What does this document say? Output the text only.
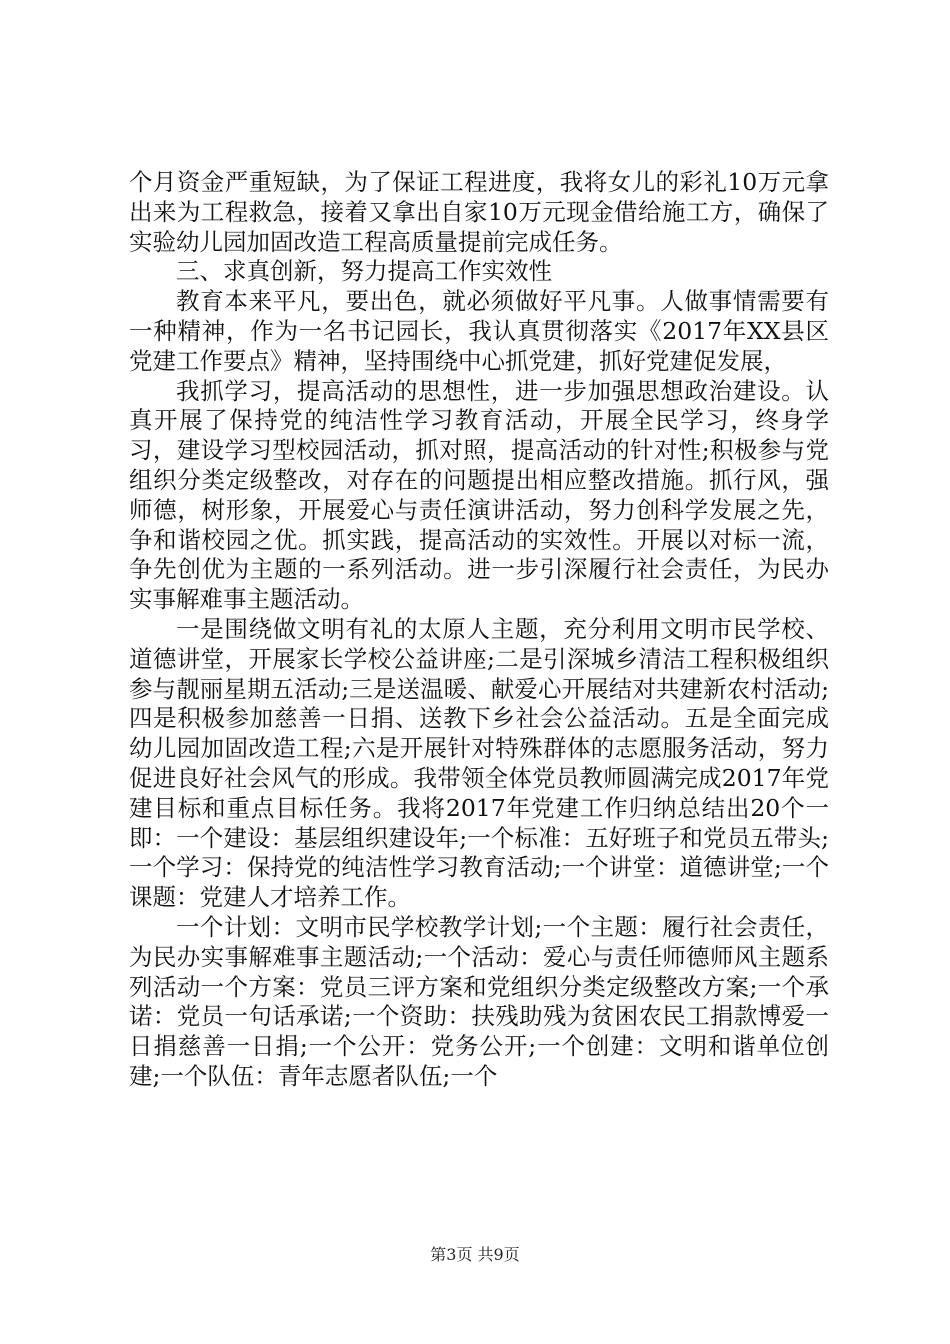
个月资金严重短缺，为了保证工程进度，我将女儿的彩礼10万元拿出来为工程救急，接着又拿出自家10万元现金借给施工方，确保了实验幼儿园加固改造工程高质量提前完成任务。

三、求真创新，努力提高工作实效性

教育本来平凡，要出色，就必须做好平凡事。人做事情需要有一种精神，作为一名书记园长，我认真贯彻落实《2017年XX县区党建工作要点》精神，坚持围绕中心抓党建，抓好党建促发展，

我抓学习，提高活动的思想性，进一步加强思想政治建设。认真开展了保持党的纯洁性学习教育活动，开展全民学习，终身学习，建设学习型校园活动，抓对照，提高活动的针对性;积极参与党组织分类定级整改，对存在的问题提出相应整改措施。抓行风，强师德，树形象，开展爱心与责任演讲活动，努力创科学发展之先，争和谐校园之优。抓实践，提高活动的实效性。开展以对标一流，争先创优为主题的一系列活动。进一步引深履行社会责任，为民办实事解难事主题活动。

一是围绕做文明有礼的太原人主题，充分利用文明市民学校、道德讲堂，开展家长学校公益讲座;二是引深城乡清洁工程积极组织参与靓丽星期五活动;三是送温暖、献爱心开展结对共建新农村活动;四是积极参加慈善一日捐、送教下乡社会公益活动。五是全面完成幼儿园加固改造工程;六是开展针对特殊群体的志愿服务活动，努力促进良好社会风气的形成。我带领全体党员教师圆满完成2017年党建目标和重点目标任务。我将2017年党建工作归纳总结出20个一即：一个建设：基层组织建设年;一个标准：五好班子和党员五带头;一个学习：保持党的纯洁性学习教育活动;一个讲堂：道德讲堂;一个课题：党建人才培养工作。

一个计划：文明市民学校教学计划;一个主题：履行社会责任，为民办实事解难事主题活动;一个活动：爱心与责任师德师风主题系列活动一个方案：党员三评方案和党组织分类定级整改方案;一个承诺：党员一句话承诺;一个资助：扶残助残为贫困农民工捐款博爱一日捐慈善一日捐;一个公开：党务公开;一个创建：文明和谐单位创建;一个队伍：青年志愿者队伍;一个

第3页 共9页
